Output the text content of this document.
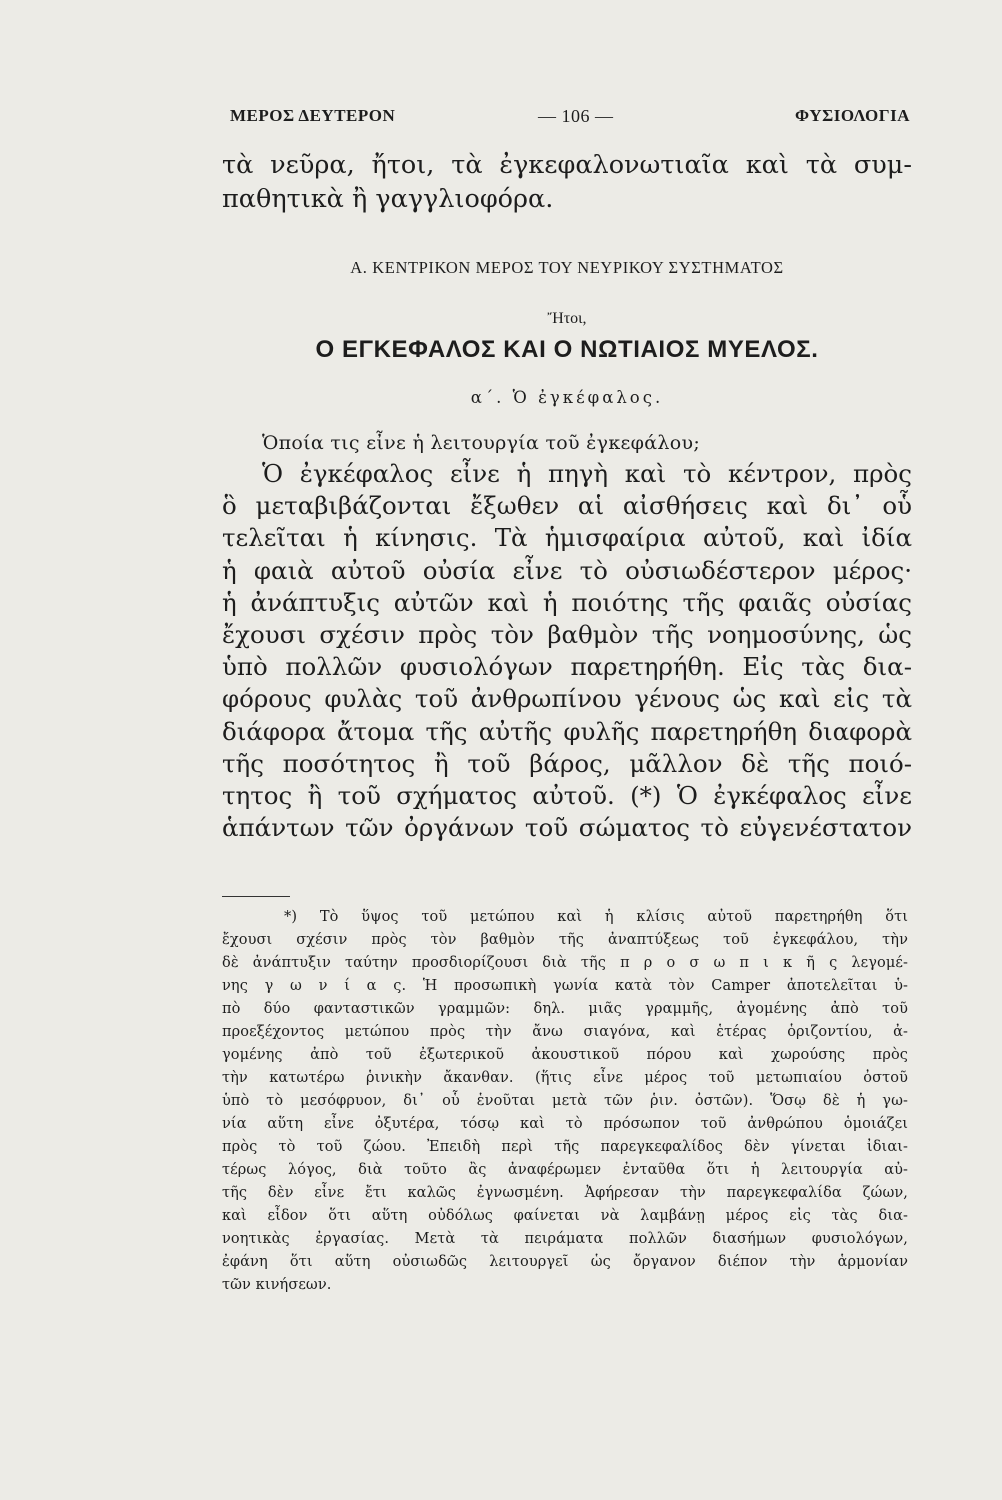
ΜΕΡΟΣ ΔΕΥΤΕΡΟΝ	— 106 —	ΦΥΣΙΟΛΟΓΙΑ
τὰ νεῦρα, ἤτοι, τὰ ἐγκεφαλονωτιαῖα καὶ τὰ συμ-
παθητικὰ ἢ γαγγλιοφόρα.
Α. ΚΕΝΤΡΙΚΟΝ ΜΕΡΟΣ ΤΟΥ ΝΕΥΡΙΚΟΥ ΣΥΣΤΗΜΑΤΟΣ
Ἤτοι,
Ο ΕΓΚΕΦΑΛΟΣ ΚΑΙ Ο ΝΩΤΙΑΙΟΣ ΜΥΕΛΟΣ.
α΄. Ὁ ἐγκέφαλος.
Ὁποία τις εἶνε ἡ λειτουργία τοῦ ἐγκεφάλου;
Ὁ ἐγκέφαλος εἶνε ἡ πηγὴ καὶ τὸ κέντρον, πρὸς
ὃ μεταβιβάζονται ἔξωθεν αἱ αἰσθήσεις καὶ δι᾽ οὗ
τελεῖται ἡ κίνησις. Τὰ ἡμισφαίρια αὐτοῦ, καὶ ἰδία
ἡ φαιὰ αὐτοῦ οὐσία εἶνε τὸ οὐσιωδέστερον μέρος·
ἡ ἀνάπτυξις αὐτῶν καὶ ἡ ποιότης τῆς φαιᾶς οὐσίας
ἔχουσι σχέσιν πρὸς τὸν βαθμὸν τῆς νοημοσύνης, ὡς
ὑπὸ πολλῶν φυσιολόγων παρετηρήθη. Εἰς τὰς δια-
φόρους φυλὰς τοῦ ἀνθρωπίνου γένους ὡς καὶ εἰς τὰ
διάφορα ἄτομα τῆς αὐτῆς φυλῆς παρετηρήθη διαφορὰ
τῆς ποσότητος ἢ τοῦ βάρος, μᾶλλον δὲ τῆς ποιό-
τητος ἢ τοῦ σχήματος αὐτοῦ. (*) Ὁ ἐγκέφαλος εἶνε
ἁπάντων τῶν ὀργάνων τοῦ σώματος τὸ εὐγενέστατον
*) Τὸ ὕψος τοῦ μετώπου καὶ ἡ κλίσις αὐτοῦ παρετηρήθη ὅτι
ἔχουσι σχέσιν πρὸς τὸν βαθμὸν τῆς ἀναπτύξεως τοῦ ἐγκεφάλου, τὴν
δὲ ἀνάπτυξιν ταύτην προσδιορίζουσι διὰ τῆς π ρ ο σ ω π ι κ ῆ ς λεγομέ-
νης γ ω ν ί α ς. Ἡ προσωπικὴ γωνία κατὰ τὸν Camper ἀποτελεῖται ὑ-
πὸ δύο φανταστικῶν γραμμῶν: δηλ. μιᾶς γραμμῆς, ἀγομένης ἀπὸ τοῦ
προεξέχοντος μετώπου πρὸς τὴν ἄνω σιαγόνα, καὶ ἑτέρας ὁριζοντίου, ἀ-
γομένης ἀπὸ τοῦ ἐξωτερικοῦ ἀκουστικοῦ πόρου καὶ χωρούσης πρὸς
τὴν κατωτέρω ῥινικὴν ἄκανθαν. (ἥτις εἶνε μέρος τοῦ μετωπιαίου ὀστοῦ
ὑπὸ τὸ μεσόφρυον, δι᾽ οὗ ἑνοῦται μετὰ τῶν ῥιν. ὀστῶν). Ὅσῳ δὲ ἡ γω-
νία αὕτη εἶνε ὀξυτέρα, τόσῳ καὶ τὸ πρόσωπον τοῦ ἀνθρώπου ὁμοιάζει
πρὸς τὸ τοῦ ζώου. Ἐπειδὴ περὶ τῆς παρεγκεφαλίδος δὲν γίνεται ἰδιαι-
τέρως λόγος, διὰ τοῦτο ἂς ἀναφέρωμεν ἐνταῦθα ὅτι ἡ λειτουργία αὐ-
τῆς δὲν εἶνε ἔτι καλῶς ἐγνωσμένη. Ἀφήρεσαν τὴν παρεγκεφαλίδα ζώων,
καὶ εἶδον ὅτι αὕτη οὐδόλως φαίνεται νὰ λαμβάνῃ μέρος εἰς τὰς δια-
νοητικὰς ἐργασίας. Μετὰ τὰ πειράματα πολλῶν διασήμων φυσιολόγων,
ἐφάνη ὅτι αὕτη οὐσιωδῶς λειτουργεῖ ὡς ὄργανον διέπον τὴν ἁρμονίαν
τῶν κινήσεων.
